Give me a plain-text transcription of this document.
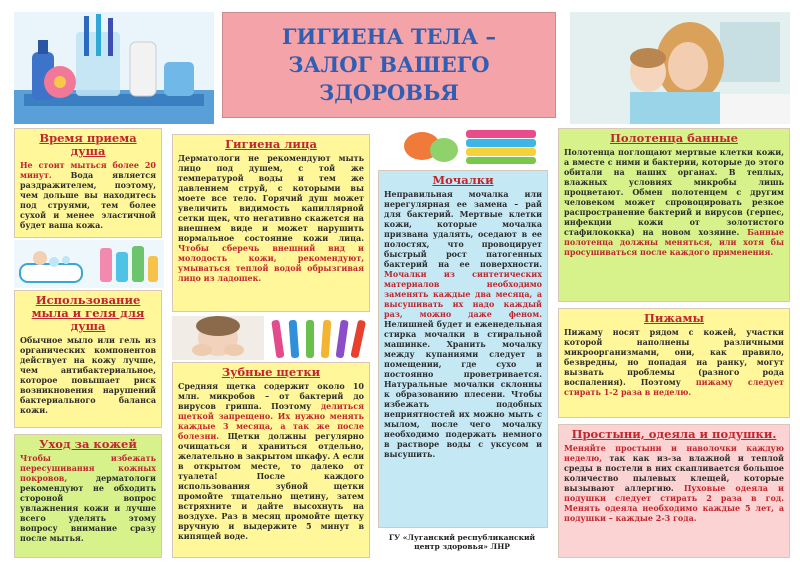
ГИГИЕНА ТЕЛА –
ЗАЛОГ ВАШЕГО
ЗДОРОВЬЯ
Время приема душа
Не стоит мыться более 20 минут. Вода является раздражителем, поэтому, чем дольше вы находитесь под струями, тем более сухой и менее эластичной будет ваша кожа.
Использование мыла и геля для душа
Обычное мыло или гель из органических компонентов действует на кожу лучше, чем антибактериальное, которое повышает риск возникновения нарушений бактериального баланса кожи.
Уход за кожей
Чтобы избежать пересушивания кожных покровов, дерматологи рекомендуют не обходить стороной вопрос увлажнения кожи и лучше всего уделять этому вопросу внимание сразу после мытья.
Гигиена лица
Дерматологи не рекомендуют мыть лицо под душем, с той же температурой воды и тем же давлением струй, с которыми вы моете все тело. Горячий душ может увеличить видимость капиллярной сетки щек, что негативно скажется на внешнем виде и может нарушить нормальное состояние кожи лица. Чтобы сберечь внешний вид и молодость кожи, рекомендуют, умываться теплой водой обрызгивая лицо из ладошек.
Зубные щетки
Средняя щетка содержит около 10 млн. микробов – от бактерий до вирусов гриппа. Поэтому делиться щеткой запрещено. Их нужно менять каждые 3 месяца, а так же после болезни. Щетки должны регулярно очищаться и храниться отдельно, желательно в закрытом шкафу. А если в открытом месте, то далеко от туалета! После каждого использования зубной щетки промойте тщательно щетину, затем встряхните и дайте высохнуть на воздухе. Раз в месяц промойте щетку вручную и выдержите 5 минут в кипящей воде.
Мочалки
Неправильная мочалка или нерегулярная ее замена – рай для бактерий. Мертвые клетки кожи, которые мочалка призвана удалять, оседают в ее полостях, что провоцирует быстрый рост патогенных бактерий на ее поверхности. Мочалки из синтетических материалов необходимо заменять каждые два месяца, а высушивать их надо каждый раз, можно даже феном. Нелишней будет и еженедельная стирка мочалки в стиральной машинке. Хранить мочалку между купаниями следует в помещении, где сухо и постоянно проветривается. Натуральные мочалки склонны к образованию плесени. Чтобы избежать подобных неприятностей их можно мыть с мылом, после чего мочалку необходимо подержать немного в растворе воды с уксусом и высушить.
ГУ «Луганский республиканский
центр здоровья» ЛНР
Полотенца банные
Полотенца поглощают мертвые клетки кожи, а вместе с ними и бактерии, которые до этого обитали на наших органах. В теплых, влажных условиях микробы лишь процветают. Обмен полотенцем с другим человеком может спровоцировать резкое распространение бактерий и вирусов (герпес, инфекции кожи от золотистого стафилококка) на новом хозяине. Банные полотенца должны меняться, или хотя бы просушиваться после каждого применения.
Пижамы
Пижаму носят рядом с кожей, участки которой наполнены различными микроорганизмами, они, как правило, безвредны, но попадая на ранку, могут вызвать проблемы (разного рода воспаления). Поэтому пижаму следует стирать 1-2 раза в неделю.
Простыни, одеяла и подушки.
Меняйте простыни и наволочки каждую неделю, так как из-за влажной и теплой среды в постели в них скапливается большое количество пылевых клещей, которые вызывают аллергию. Пуховые одеяла и подушки следует стирать 2 раза в год. Менять одеяла необходимо каждые 5 лет, а подушки – каждые 2-3 года.
